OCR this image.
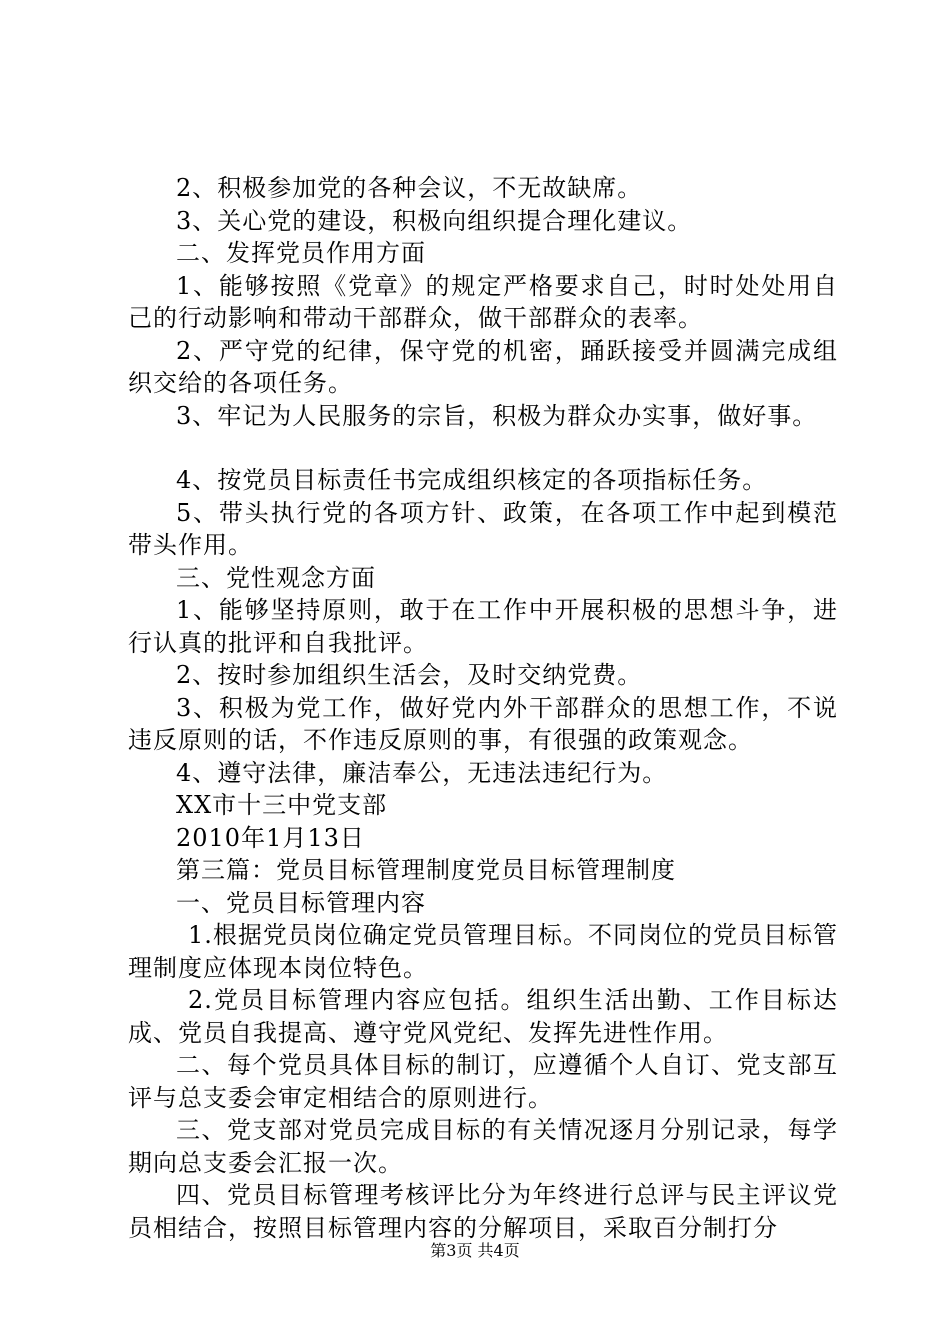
2、积极参加党的各种会议，不无故缺席。

3、关心党的建设，积极向组织提合理化建议。

二、发挥党员作用方面

1、能够按照《党章》的规定严格要求自己，时时处处用自己的行动影响和带动干部群众，做干部群众的表率。

2、严守党的纪律，保守党的机密，踊跃接受并圆满完成组织交给的各项任务。

3、牢记为人民服务的宗旨，积极为群众办实事，做好事。

4、按党员目标责任书完成组织核定的各项指标任务。

5、带头执行党的各项方针、政策，在各项工作中起到模范带头作用。

三、党性观念方面

1、能够坚持原则，敢于在工作中开展积极的思想斗争，进行认真的批评和自我批评。

2、按时参加组织生活会，及时交纳党费。

3、积极为党工作，做好党内外干部群众的思想工作，不说违反原则的话，不作违反原则的事，有很强的政策观念。

4、遵守法律，廉洁奉公，无违法违纪行为。

XX市十三中党支部

2010年1月13日

第三篇：党员目标管理制度党员目标管理制度

一、党员目标管理内容

1.根据党员岗位确定党员管理目标。不同岗位的党员目标管理制度应体现本岗位特色。

2.党员目标管理内容应包括。组织生活出勤、工作目标达成、党员自我提高、遵守党风党纪、发挥先进性作用。

二、每个党员具体目标的制订，应遵循个人自订、党支部互评与总支委会审定相结合的原则进行。

三、党支部对党员完成目标的有关情况逐月分别记录，每学期向总支委会汇报一次。

四、党员目标管理考核评比分为年终进行总评与民主评议党员相结合，按照目标管理内容的分解项目，采取百分制打分

第3页 共4页
